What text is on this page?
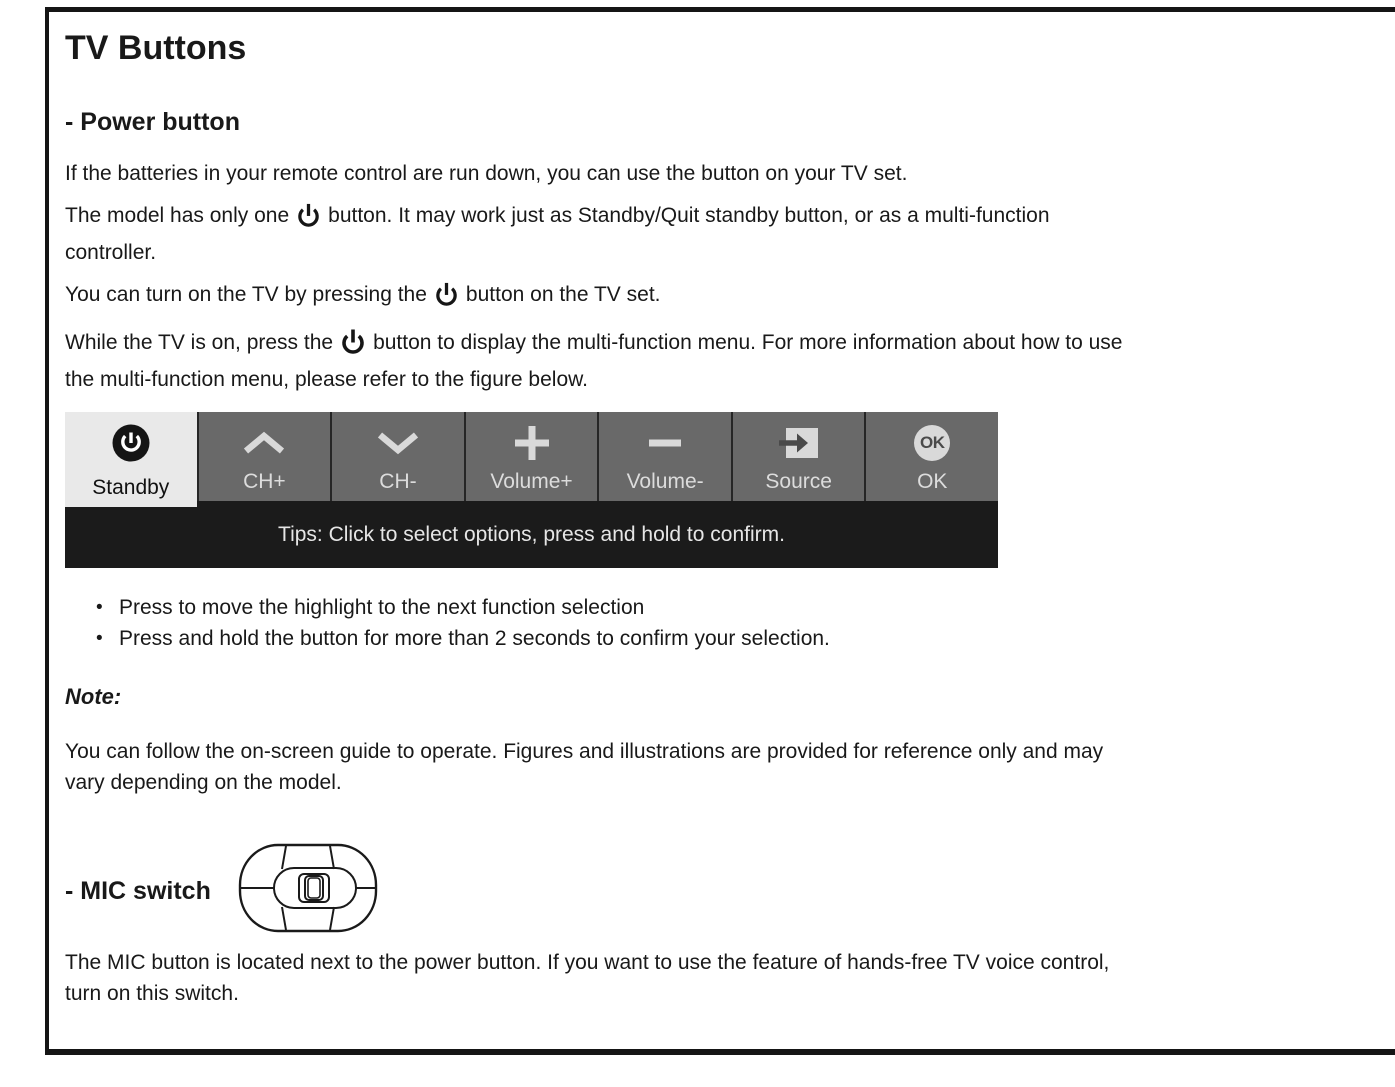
TV Buttons
- Power button
If the batteries in your remote control are run down, you can use the button on your TV set.
The model has only one button. It may work just as Standby/Quit standby button, or as a multi-function
controller.
You can turn on the TV by pressing the button on the TV set.
While the TV is on, press the button to display the multi-function menu. For more information about how to use
the multi-function menu, please refer to the figure below.
Standby	CH+	CH-	Volume+	Volume-	Source
OK
OK
Tips: Click to select options, press and hold to confirm.
• Press to move the highlight to the next function selection
• Press and hold the button for more than 2 seconds to confirm your selection.
Note:
You can follow the on-screen guide to operate. Figures and illustrations are provided for reference only and may
vary depending on the model.
- MIC switch
The MIC button is located next to the power button. If you want to use the feature of hands-free TV voice control,
turn on this switch.
